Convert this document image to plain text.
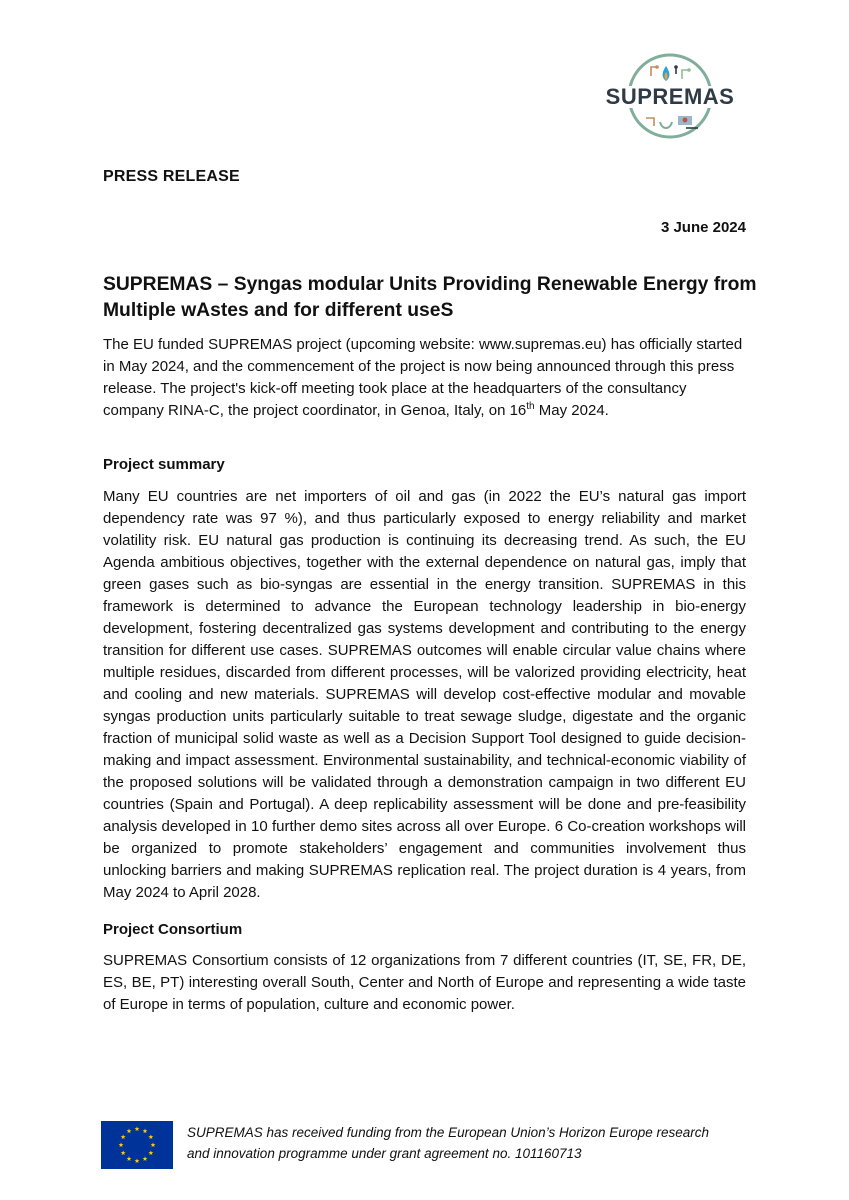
SUPREMAS
PRESS RELEASE
3 June 2024
SUPREMAS – Syngas modular Units Providing Renewable Energy from Multiple wAstes and for different useS

The EU funded SUPREMAS project (upcoming website: www.supremas.eu) has officially started in May 2024, and the commencement of the project is now being announced through this press release. The project's kick-off meeting took place at the headquarters of the consultancy company RINA-C, the project coordinator, in Genoa, Italy, on 16th May 2024.

Project summary

Many EU countries are net importers of oil and gas (in 2022 the EU’s natural gas import dependency rate was 97 %), and thus particularly exposed to energy reliability and market volatility risk. EU natural gas production is continuing its decreasing trend. As such, the EU Agenda ambitious objectives, together with the external dependence on natural gas, imply that green gases such as bio-syngas are essential in the energy transition. SUPREMAS in this framework is determined to advance the European technology leadership in bio-energy development, fostering decentralized gas systems development and contributing to the energy transition for different use cases. SUPREMAS outcomes will enable circular value chains where multiple residues, discarded from different processes, will be valorized providing electricity, heat and cooling and new materials. SUPREMAS will develop cost-effective modular and movable syngas production units particularly suitable to treat sewage sludge, digestate and the organic fraction of municipal solid waste as well as a Decision Support Tool designed to guide decision-making and impact assessment. Environmental sustainability, and technical-economic viability of the proposed solutions will be validated through a demonstration campaign in two different EU countries (Spain and Portugal). A deep replicability assessment will be done and pre-feasibility analysis developed in 10 further demo sites across all over Europe. 6 Co-creation workshops will be organized to promote stakeholders’ engagement and communities involvement thus unlocking barriers and making SUPREMAS replication real. The project duration is 4 years, from May 2024 to April 2028.

Project Consortium

SUPREMAS Consortium consists of 12 organizations from 7 different countries (IT, SE, FR, DE, ES, BE, PT) interesting overall South, Center and North of Europe and representing a wide taste of Europe in terms of population, culture and economic power.

SUPREMAS has received funding from the European Union’s Horizon Europe research
and innovation programme under grant agreement no. 101160713
